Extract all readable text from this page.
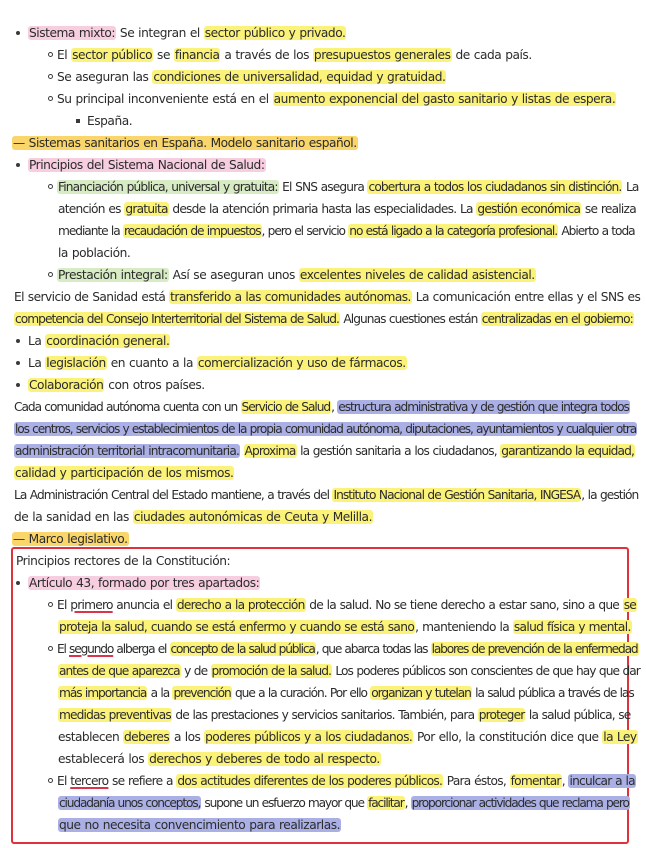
Sistema mixto: Se integran el sector público y privado.
El sector público se financia a través de los presupuestos generales de cada país.
Se aseguran las condiciones de universalidad, equidad y gratuidad.
Su principal inconveniente está en el aumento exponencial del gasto sanitario y listas de espera.
España.
— Sistemas sanitarios en España. Modelo sanitario español.
Principios del Sistema Nacional de Salud:
Financiación pública, universal y gratuita: El SNS asegura cobertura a todos los ciudadanos sin distinción. La
atención es gratuita desde la atención primaria hasta las especialidades. La gestión económica se realiza
mediante la recaudación de impuestos, pero el servicio no está ligado a la categoría profesional. Abierto a toda
la población.
Prestación integral: Así se aseguran unos excelentes niveles de calidad asistencial.
El servicio de Sanidad está transferido a las comunidades autónomas. La comunicación entre ellas y el SNS es
competencia del Consejo Interterritorial del Sistema de Salud. Algunas cuestiones están centralizadas en el gobierno:
La coordinación general.
La legislación en cuanto a la comercialización y uso de fármacos.
Colaboración con otros países.
Cada comunidad autónoma cuenta con un Servicio de Salud, estructura administrativa y de gestión que integra todos
los centros, servicios y establecimientos de la propia comunidad autónoma, diputaciones, ayuntamientos y cualquier otra
administración territorial intracomunitaria. Aproxima la gestión sanitaria a los ciudadanos, garantizando la equidad,
calidad y participación de los mismos.
La Administración Central del Estado mantiene, a través del Instituto Nacional de Gestión Sanitaria, INGESA, la gestión
de la sanidad en las ciudades autonómicas de Ceuta y Melilla.
— Marco legislativo.
Principios rectores de la Constitución:
Artículo 43, formado por tres apartados:
El primero anuncia el derecho a la protección de la salud. No se tiene derecho a estar sano, sino a que se
proteja la salud, cuando se está enfermo y cuando se está sano, manteniendo la salud física y mental.
El segundo alberga el concepto de la salud pública, que abarca todas las labores de prevención de la enfermedad
antes de que aparezca y de promoción de la salud. Los poderes públicos son conscientes de que hay que dar
más importancia a la prevención que a la curación. Por ello organizan y tutelan la salud pública a través de las
medidas preventivas de las prestaciones y servicios sanitarios. También, para proteger la salud pública, se
establecen deberes a los poderes públicos y a los ciudadanos. Por ello, la constitución dice que la Ley
establecerá los derechos y deberes de todo al respecto.
El tercero se refiere a dos actitudes diferentes de los poderes públicos. Para éstos, fomentar, inculcar a la
ciudadanía unos conceptos, supone un esfuerzo mayor que facilitar, proporcionar actividades que reclama pero
que no necesita convencimiento para realizarlas.
